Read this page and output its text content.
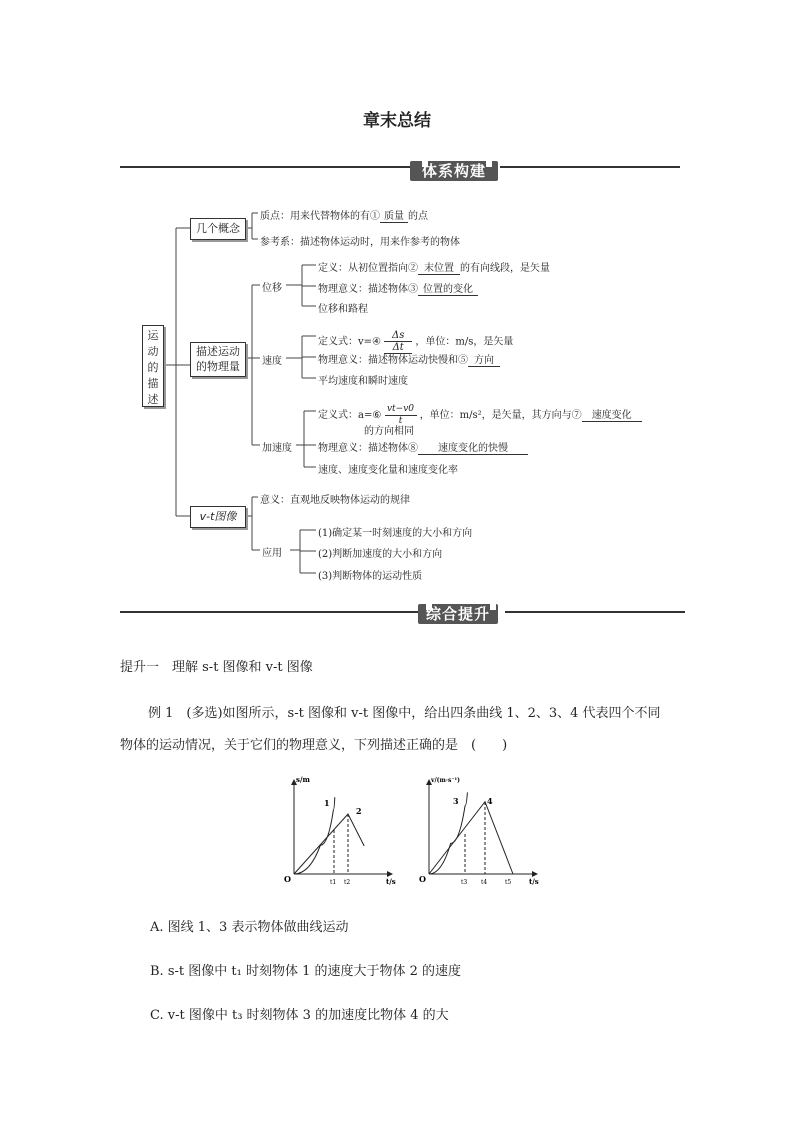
章末总结
体系构建
运动的描述
几个概念
质点：用来代替物体的有① 质量 的点
参考系：描述物体运动时，用来作参考的物体
描述运动的物理量
位移
定义：从初位置指向② 末位置 的有向线段，是矢量
物理意义：描述物体③ 位置的变化
位移和路程
速度
定义式：v=④ $\frac{\Delta s}{\Delta t}$ ，单位：m/s，是矢量
物理意义：描述物体运动快慢和⑤ 方向
平均速度和瞬时速度
加速度
定义式：a=⑥ $\frac{vt-v0}{t}$ ，单位：m/s²，是矢量，其方向与⑦ 速度变化
的方向相同
物理意义：描述物体⑧ 速度变化的快慢
速度、速度变化量和速度变化率
v-t图像
意义：直观地反映物体运动的规律
应用
(1)确定某一时刻速度的大小和方向
(2)判断加速度的大小和方向
(3)判断物体的运动性质
综合提升
提升一　理解 s-t 图像和 v-t 图像
例 1　(多选)如图所示，s-t 图像和 v-t 图像中，给出四条曲线 1、2、3、4 代表四个不同
物体的运动情况，关于它们的物理意义，下列描述正确的是　(　　)
s/m
t/s
O	t1 t2
1
2
v/(m·s⁻¹)
t/s
O	t3 t4	t5
3	4
A. 图线 1、3 表示物体做曲线运动
B. s-t 图像中 t₁ 时刻物体 1 的速度大于物体 2 的速度
C. v-t 图像中 t₃ 时刻物体 3 的加速度比物体 4 的大
